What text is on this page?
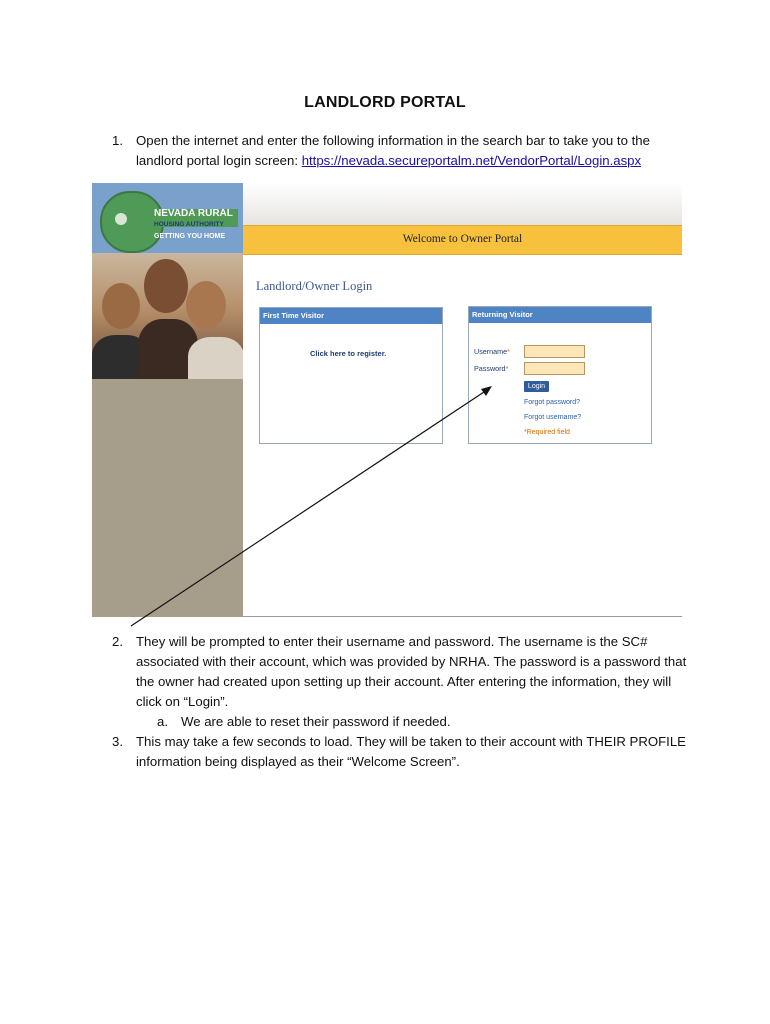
LANDLORD PORTAL
1. Open the internet and enter the following information in the search bar to take you to the
landlord portal login screen: https://nevada.secureportalm.net/VendorPortal/Login.aspx
NEVADA RURAL
HOUSING AUTHORITY
GETTING YOU HOME	Welcome to Owner Portal
Landlord/Owner Login
First Time Visitor
Click here to register.
Returning Visitor
Username*
Password*
Login
Forgot password?
Forgot username?
*Required field
2. They will be prompted to enter their username and password. The username is the SC#
associated with their account, which was provided by NRHA. The password is a password that
the owner had created upon setting up their account. After entering the information, they will
click on “Login”.
a. We are able to reset their password if needed.
3. This may take a few seconds to load. They will be taken to their account with THEIR PROFILE
information being displayed as their “Welcome Screen”.
